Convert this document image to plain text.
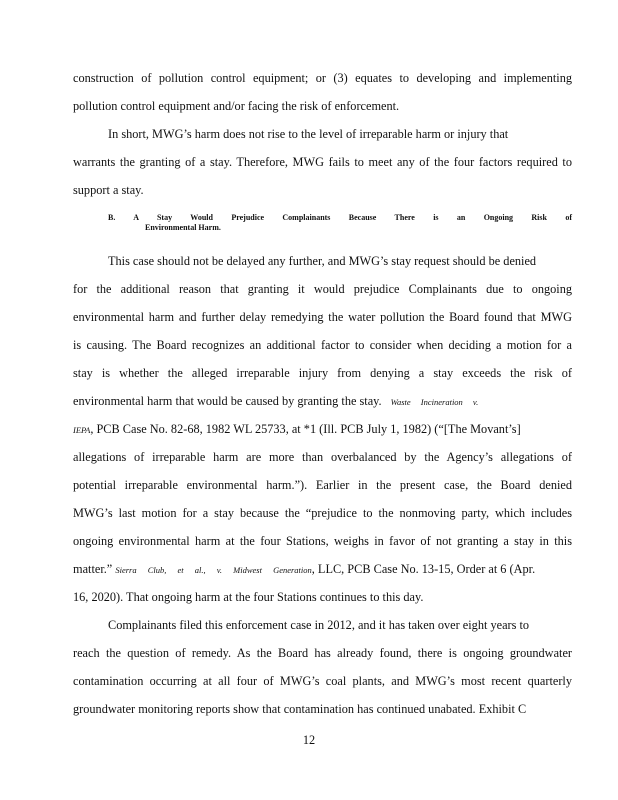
construction of pollution control equipment; or (3) equates to developing and implementing
pollution control equipment and/or facing the risk of enforcement.
In short, MWG’s harm does not rise to the level of irreparable harm or injury that
warrants the granting of a stay. Therefore, MWG fails to meet any of the four factors required to
support a stay.
B. A Stay Would Prejudice Complainants Because There is an Ongoing Risk of
Environmental Harm.
This case should not be delayed any further, and MWG’s stay request should be denied
for the additional reason that granting it would prejudice Complainants due to ongoing
environmental harm and further delay remedying the water pollution the Board found that MWG
is causing. The Board recognizes an additional factor to consider when deciding a motion for a
stay is whether the alleged irreparable injury from denying a stay exceeds the risk of
environmental harm that would be caused by granting the stay. Waste Incineration v.
IEPA, PCB Case No. 82-68, 1982 WL 25733, at *1 (Ill. PCB July 1, 1982) (“[The Movant’s]
allegations of irreparable harm are more than overbalanced by the Agency’s allegations of
potential irreparable environmental harm.”). Earlier in the present case, the Board denied
MWG’s last motion for a stay because the “prejudice to the nonmoving party, which includes
ongoing environmental harm at the four Stations, weighs in favor of not granting a stay in this
matter.” Sierra Club, et al., v. Midwest Generation, LLC, PCB Case No. 13-15, Order at 6 (Apr.
16, 2020). That ongoing harm at the four Stations continues to this day.
Complainants filed this enforcement case in 2012, and it has taken over eight years to
reach the question of remedy. As the Board has already found, there is ongoing groundwater
contamination occurring at all four of MWG’s coal plants, and MWG’s most recent quarterly
groundwater monitoring reports show that contamination has continued unabated. Exhibit C
12
